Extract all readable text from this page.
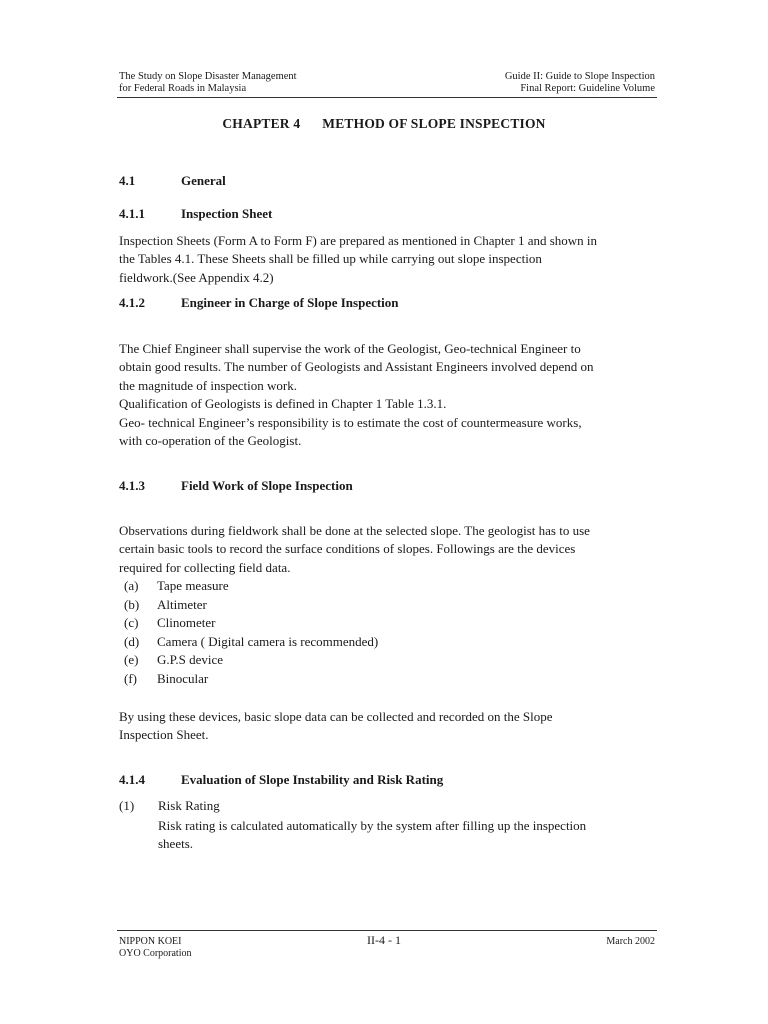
The Study on Slope Disaster Management
for Federal Roads in Malaysia
Guide II: Guide to Slope Inspection
Final Report: Guideline Volume
CHAPTER 4 METHOD OF SLOPE INSPECTION
4.1	General
4.1.1	Inspection Sheet
Inspection Sheets (Form A to Form F) are prepared as mentioned in Chapter 1 and shown in
the Tables 4.1. These Sheets shall be filled up while carrying out slope inspection
fieldwork.(See Appendix 4.2)
4.1.2	Engineer in Charge of Slope Inspection
The Chief Engineer shall supervise the work of the Geologist, Geo-technical Engineer to
obtain good results. The number of Geologists and Assistant Engineers involved depend on
the magnitude of inspection work.
Qualification of Geologists is defined in Chapter 1 Table 1.3.1.
Geo- technical Engineer’s responsibility is to estimate the cost of countermeasure works,
with co-operation of the Geologist.
4.1.3	Field Work of Slope Inspection
Observations during fieldwork shall be done at the selected slope. The geologist has to use
certain basic tools to record the surface conditions of slopes. Followings are the devices
required for collecting field data.
(a) Tape measure
(b) Altimeter
(c) Clinometer
(d) Camera ( Digital camera is recommended)
(e) G.P.S device
(f) Binocular
By using these devices, basic slope data can be collected and recorded on the Slope
Inspection Sheet.
4.1.4	Evaluation of Slope Instability and Risk Rating
(1) Risk Rating
Risk rating is calculated automatically by the system after filling up the inspection
sheets.
NIPPON KOEI
OYO Corporation
II-4 - 1	March 2002
